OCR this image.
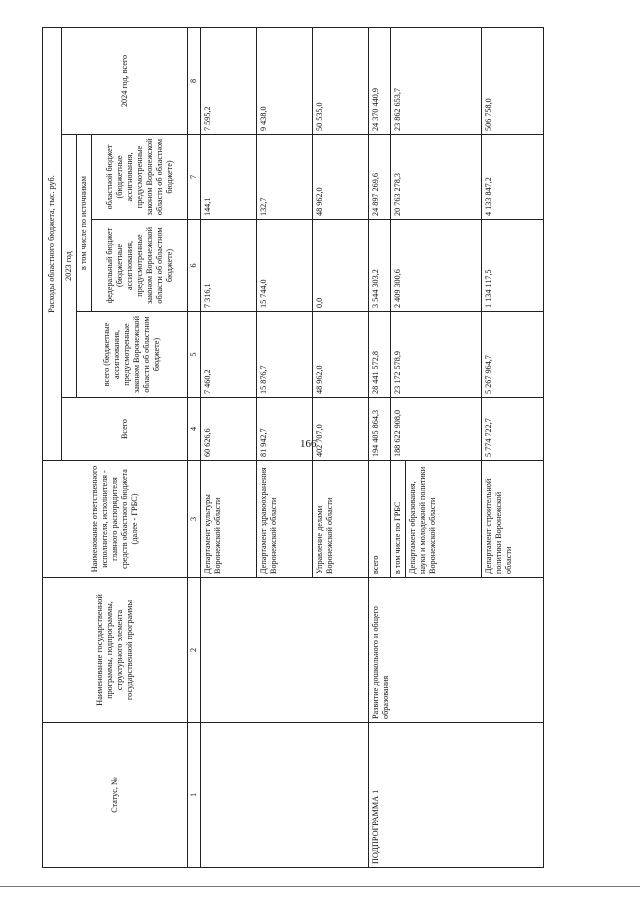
166
Статус, №	Наименование государственной программы, подпрограммы, структурного элемента государственной программы	Наименование ответственного исполнителя, исполнителя - главного распорядителя средств областного бюджета (далее - ГРБС)	Расходы областного бюджета, тыс. руб.				
			Всего	2023 год			2024 год, всего
				всего (бюджетные ассигнования, предусмотренные законом Воронежской области об областном бюджете)	в том числе по источникам		
					федеральный бюджет (бюджетные ассигнования, предусмотренные законом Воронежской области об областном бюджете)	областной бюджет (бюджетные ассигнования, предусмотренные законом Воронежской области об областном бюджете)	
1	2	3	4	5	6	7	8
		Департамент культуры Воронежской области	60 626,6	7 460,2	7 316,1	144,1	7 595,2
		Департамент здравоохранения Воронежской области	81 942,7	15 876,7	15 744,0	132,7	9 438,0
		Управление делами Воронежской области	402 707,0	48 962,0	0,0	48 962,0	50 535,0
ПОДПРОГРАММА 1	Развитие дошкольного и общего образования	всего	194 405 864,3	28 441 572,8	3 544 303,2	24 897 269,6	24 370 440,9
		в том числе по ГРБС	188 622 908,0	23 172 578,9	2 409 300,6	20 763 278,3	23 862 653,7
		Департамент образования, науки и молодежной политики Воронежской области					
		Департамент строительной политики Воронежской области	5 774 722,7	5 267 964,7	1 134 117,5	4 133 847,2	506 758,0
